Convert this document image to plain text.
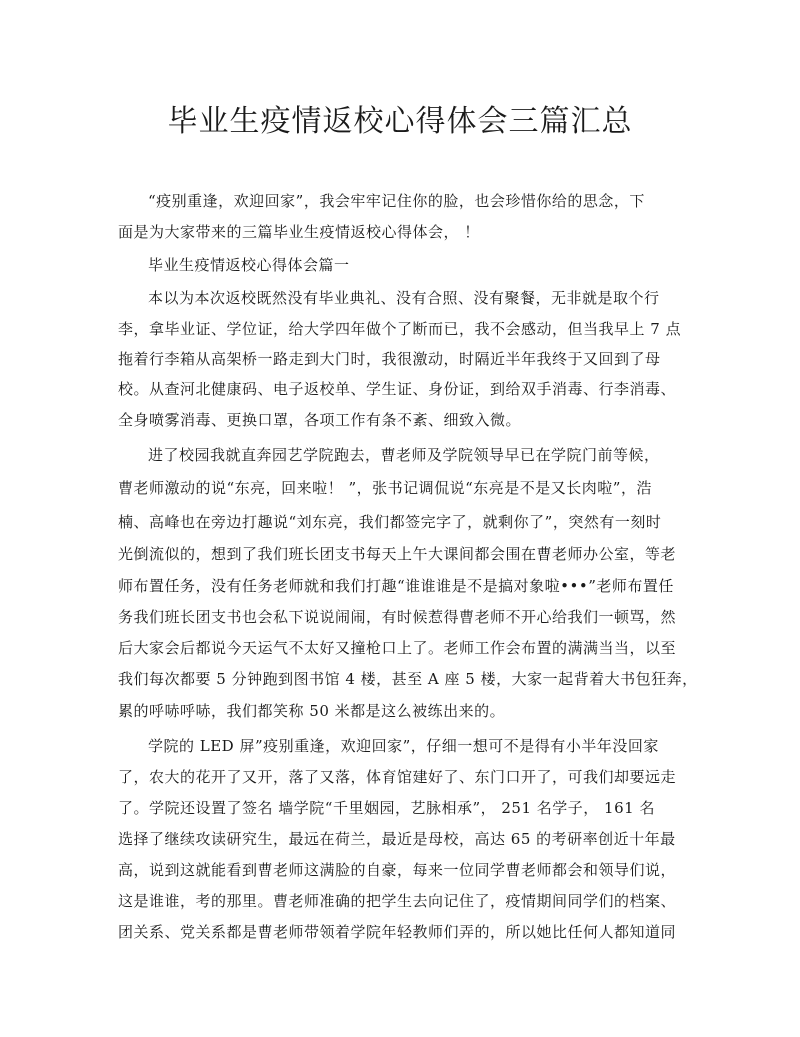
毕业生疫情返校心得体会三篇汇总
“疫别重逢，欢迎回家”，我会牢牢记住你的脸，也会珍惜你给的思念，下
面是为大家带来的三篇毕业生疫情返校心得体会， ！
毕业生疫情返校心得体会篇一
本以为本次返校既然没有毕业典礼、没有合照、没有聚餐，无非就是取个行
李，拿毕业证、学位证，给大学四年做个了断而已，我不会感动，但当我早上 7 点
拖着行李箱从高架桥一路走到大门时，我很激动，时隔近半年我终于又回到了母
校。从查河北健康码、电子返校单、学生证、身份证，到给双手消毒、行李消毒、
全身喷雾消毒、更换口罩，各项工作有条不紊、细致入微。
进了校园我就直奔园艺学院跑去，曹老师及学院领导早已在学院门前等候，
曹老师激动的说“东亮，回来啦！ ”，张书记调侃说“东亮是不是又长肉啦”，浩
楠、高峰也在旁边打趣说“刘东亮，我们都签完字了，就剩你了”，突然有一刻时
光倒流似的，想到了我们班长团支书每天上午大课间都会围在曹老师办公室，等老
师布置任务，没有任务老师就和我们打趣“谁谁谁是不是搞对象啦•••”老师布置任
务我们班长团支书也会私下说说闹闹，有时候惹得曹老师不开心给我们一顿骂，然
后大家会后都说今天运气不太好又撞枪口上了。老师工作会布置的满满当当，以至
我们每次都要 5 分钟跑到图书馆 4 楼，甚至 A 座 5 楼，大家一起背着大书包狂奔，
累的呼哧呼哧，我们都笑称 50 米都是这么被练出来的。
学院的 LED 屏”疫别重逢，欢迎回家”，仔细一想可不是得有小半年没回家
了，农大的花开了又开，落了又落，体育馆建好了、东门口开了，可我们却要远走
了。学院还设置了签名 墙学院“千里姻园，艺脉相承”， 251 名学子， 161 名
选择了继续攻读研究生，最远在荷兰，最近是母校，高达 65 的考研率创近十年最
高，说到这就能看到曹老师这满脸的自豪，每来一位同学曹老师都会和领导们说，
这是谁谁，考的那里。曹老师准确的把学生去向记住了，疫情期间同学们的档案、
团关系、党关系都是曹老师带领着学院年轻教师们弄的，所以她比任何人都知道同
